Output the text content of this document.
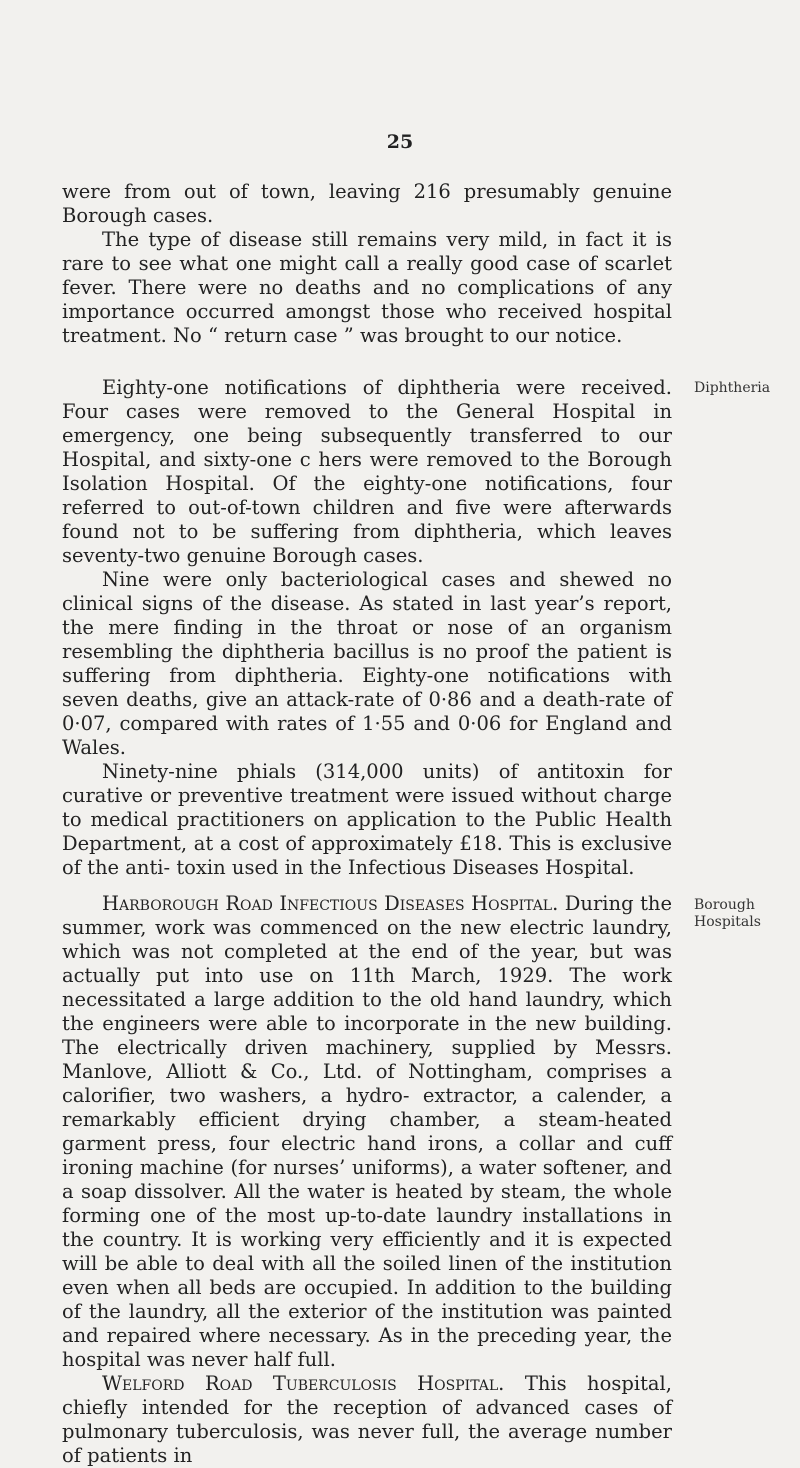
25

were from out of town, leaving 216 presumably genuine Borough cases.

The type of disease still remains very mild, in fact it is rare to see what one might call a really good case of scarlet fever. There were no deaths and no complications of any importance occurred amongst those who received hospital treatment. No “ return case ” was brought to our notice.

Eighty-one notifications of diphtheria were received. Four cases were removed to the General Hospital in emergency, one being subsequently transferred to our Hospital, and sixty-one c hers were removed to the Borough Isolation Hospital. Of the eighty-one notifications, four referred to out-of-town children and five were afterwards found not to be suffering from diphtheria, which leaves seventy-two genuine Borough cases.

Nine were only bacteriological cases and shewed no clinical signs of the disease. As stated in last year’s report, the mere finding in the throat or nose of an organism resembling the diphtheria bacillus is no proof the patient is suffering from diphtheria. Eighty-one notifications with seven deaths, give an attack-rate of 0·86 and a death-rate of 0·07, compared with rates of 1·55 and 0·06 for England and Wales.

Ninety-nine phials (314,000 units) of antitoxin for curative or preventive treatment were issued without charge to medical practitioners on application to the Public Health Department, at a cost of approximately £18. This is exclusive of the anti- toxin used in the Infectious Diseases Hospital.

Harborough Road Infectious Diseases Hospital. During the summer, work was commenced on the new electric laundry, which was not completed at the end of the year, but was actually put into use on 11th March, 1929. The work necessitated a large addition to the old hand laundry, which the engineers were able to incorporate in the new building. The electrically driven machinery, supplied by Messrs. Manlove, Alliott & Co., Ltd. of Nottingham, comprises a calorifier, two washers, a hydro- extractor, a calender, a remarkably efficient drying chamber, a steam-heated garment press, four electric hand irons, a collar and cuff ironing machine (for nurses’ uniforms), a water softener, and a soap dissolver. All the water is heated by steam, the whole forming one of the most up-to-date laundry installations in the country. It is working very efficiently and it is expected will be able to deal with all the soiled linen of the institution even when all beds are occupied. In addition to the building of the laundry, all the exterior of the institution was painted and repaired where necessary. As in the preceding year, the hospital was never half full.

Welford Road Tuberculosis Hospital. This hospital, chiefly intended for the reception of advanced cases of pulmonary tuberculosis, was never full, the average number of patients in

Diphtheria
Borough Hospitals
